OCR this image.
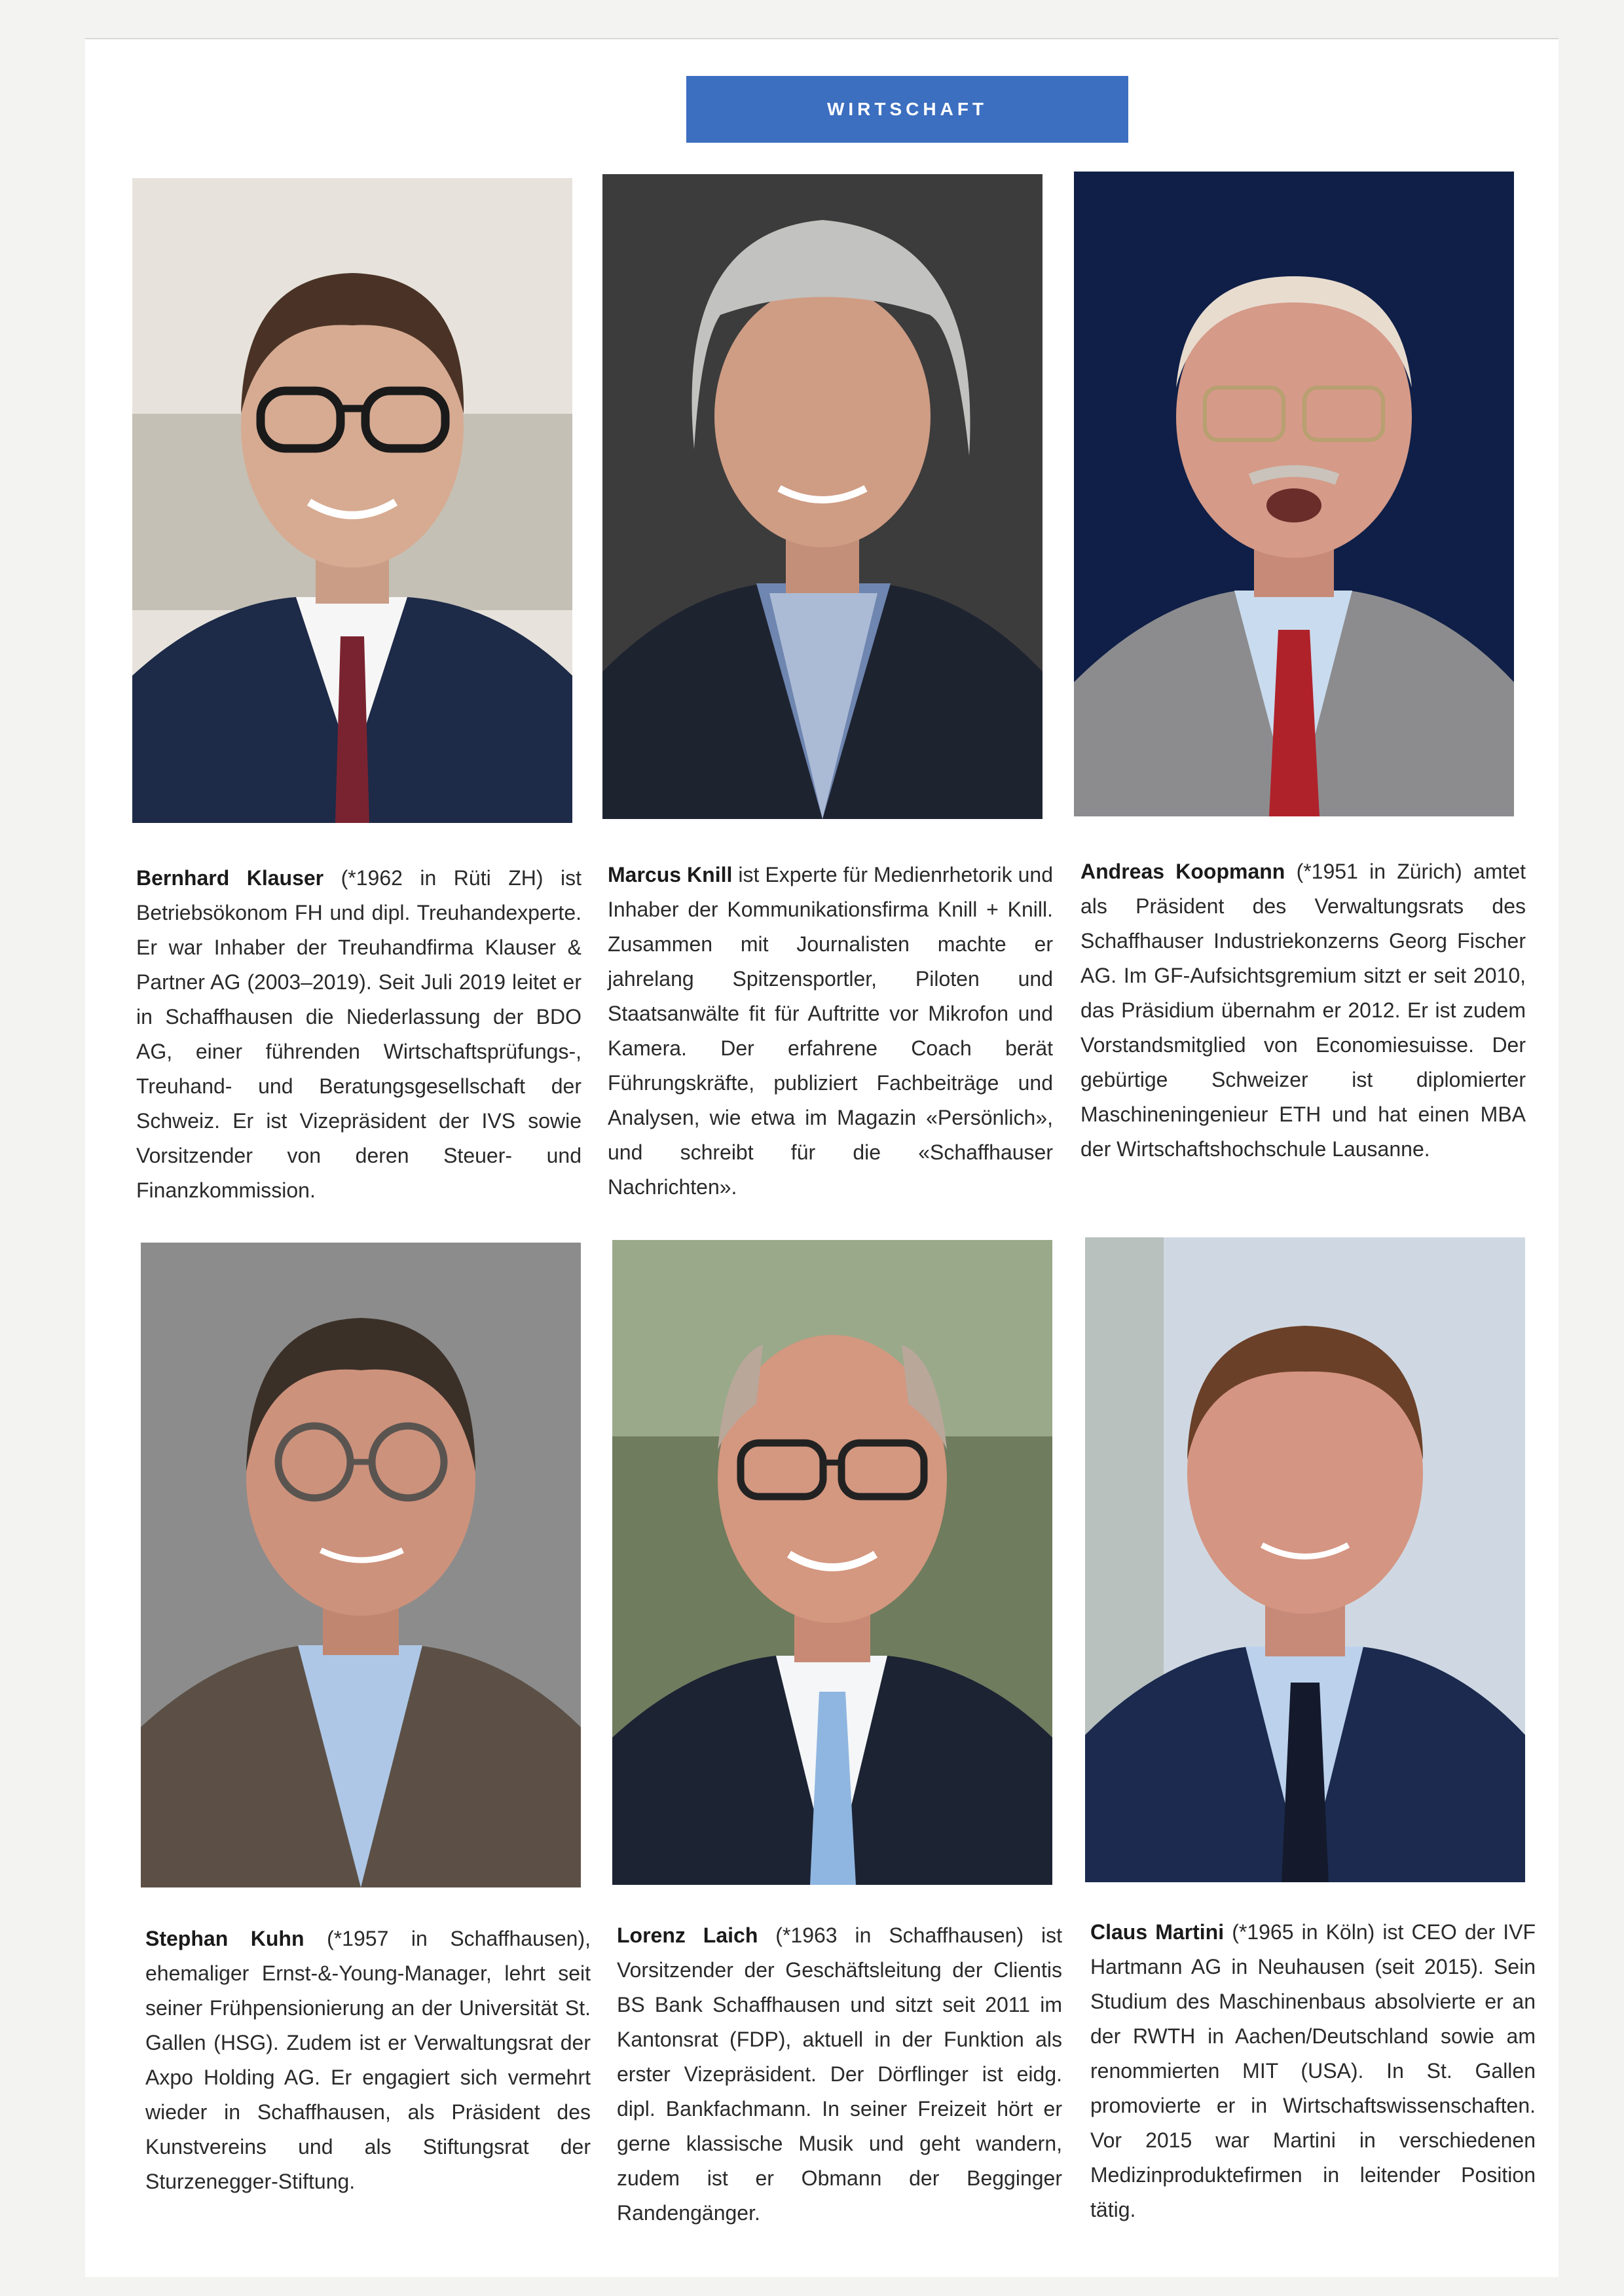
WIRTSCHAFT
Bernhard Klauser (*1962 in Rüti ZH) ist Betriebsökonom FH und dipl. Treuhandexperte. Er war Inhaber der Treuhandfirma Klauser & Partner AG (2003–2019). Seit Juli 2019 leitet er in Schaffhausen die Niederlassung der BDO AG, einer führenden Wirtschaftsprüfungs-, Treuhand- und Beratungsgesellschaft der Schweiz. Er ist Vizepräsident der IVS sowie Vorsitzender von deren Steuer- und Finanzkommission.
Marcus Knill ist Experte für Medienrhetorik und Inhaber der Kommunikationsfirma Knill + Knill. Zusammen mit Journalisten machte er jahrelang Spitzensportler, Piloten und Staatsanwälte fit für Auftritte vor Mikrofon und Kamera. Der erfahrene Coach berät Führungskräfte, publiziert Fachbeiträge und Analysen, wie etwa im Magazin «Persönlich», und schreibt für die «Schaffhauser Nachrichten».
Andreas Koopmann (*1951 in Zürich) amtet als Präsident des Verwaltungsrats des Schaffhauser Industriekonzerns Georg Fischer AG. Im GF-Aufsichtsgremium sitzt er seit 2010, das Präsidium übernahm er 2012. Er ist zudem Vorstandsmitglied von Economiesuisse. Der gebürtige Schweizer ist diplomierter Maschineningenieur ETH und hat einen MBA der Wirtschaftshochschule Lausanne.
Stephan Kuhn (*1957 in Schaffhausen), ehemaliger Ernst-&-Young-Manager, lehrt seit seiner Frühpensionierung an der Universität St. Gallen (HSG). Zudem ist er Verwaltungsrat der Axpo Holding AG. Er engagiert sich vermehrt wieder in Schaffhausen, als Präsident des Kunstvereins und als Stiftungsrat der Sturzenegger-Stiftung.
Lorenz Laich (*1963 in Schaffhausen) ist Vorsitzender der Geschäftsleitung der Clientis BS Bank Schaffhausen und sitzt seit 2011 im Kantonsrat (FDP), aktuell in der Funktion als erster Vizepräsident. Der Dörflinger ist eidg. dipl. Bankfachmann. In seiner Freizeit hört er gerne klassische Musik und geht wandern, zudem ist er Obmann der Begginger Randengänger.
Claus Martini (*1965 in Köln) ist CEO der IVF Hartmann AG in Neuhausen (seit 2015). Sein Studium des Maschinenbaus absolvierte er an der RWTH in Aachen/Deutschland sowie am renommierten MIT (USA). In St. Gallen promovierte er in Wirtschaftswissenschaften. Vor 2015 war Martini in verschiedenen Medizinproduktefirmen in leitender Position tätig.
